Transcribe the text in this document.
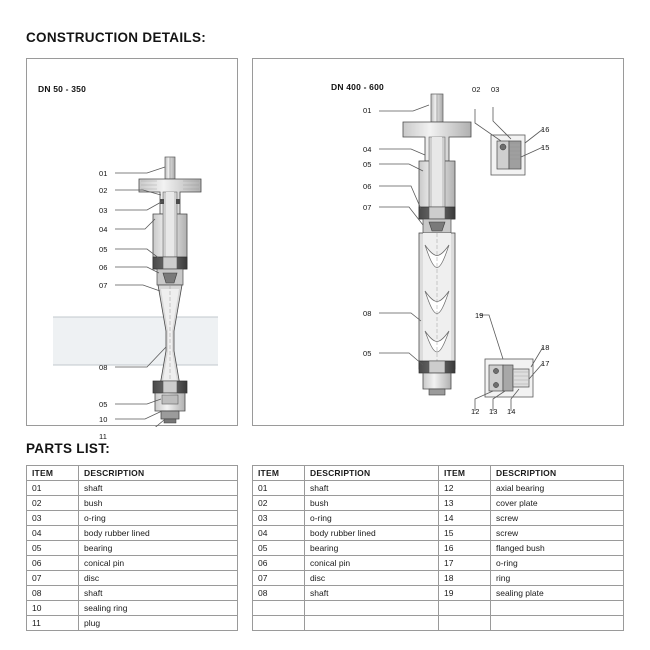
CONSTRUCTION DETAILS:
DN 50 - 350
01
02
03
04
05
06
07
08
05
10
11
DN 400 - 600
01
02 03
04
05
06
07
08
05
12 13 14
15
16
17
18
19
PARTS LIST:
ITEM	DESCRIPTION
01	shaft
02	bush
03	o-ring
04	body rubber lined
05	bearing
06	conical pin
07	disc
08	shaft
10	sealing ring
11	plug
ITEM	DESCRIPTION	ITEM	DESCRIPTION
01	shaft	12	axial bearing
02	bush	13	cover plate
03	o-ring	14	screw
04	body rubber lined	15	screw
05	bearing	16	flanged bush
06	conical pin	17	o-ring
07	disc	18	ring
08	shaft	19	sealing plate
